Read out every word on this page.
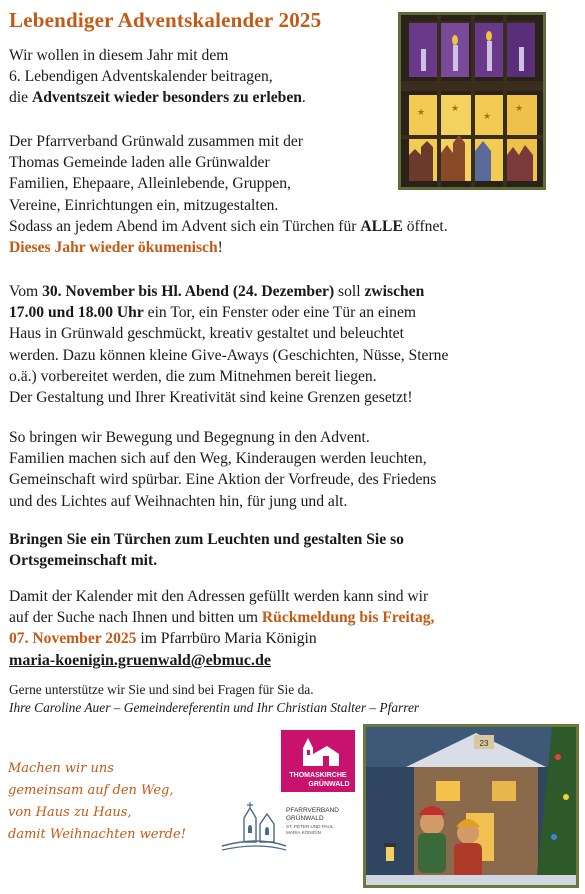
Lebendiger Adventskalender 2025
★	★
★
★
Wir wollen in diesem Jahr mit dem
6. Lebendigen Adventskalender beitragen,
die Adventszeit wieder besonders zu erleben.
Der Pfarrverband Grünwald zusammen mit der
Thomas Gemeinde laden alle Grünwalder
Familien, Ehepaare, Alleinlebende, Gruppen,
Vereine, Einrichtungen ein, mitzugestalten.
Sodass an jedem Abend im Advent sich ein Türchen für ALLE öffnet.
Dieses Jahr wieder ökumenisch!
Vom 30. November bis Hl. Abend (24. Dezember) soll zwischen
17.00 und 18.00 Uhr ein Tor, ein Fenster oder eine Tür an einem
Haus in Grünwald geschmückt, kreativ gestaltet und beleuchtet
werden. Dazu können kleine Give-Aways (Geschichten, Nüsse, Sterne
o.ä.) vorbereitet werden, die zum Mitnehmen bereit liegen.
Der Gestaltung und Ihrer Kreativität sind keine Grenzen gesetzt!
So bringen wir Bewegung und Begegnung in den Advent.
Familien machen sich auf den Weg, Kinderaugen werden leuchten,
Gemeinschaft wird spürbar. Eine Aktion der Vorfreude, des Friedens
und des Lichtes auf Weihnachten hin, für jung und alt.
Bringen Sie ein Türchen zum Leuchten und gestalten Sie so
Ortsgemeinschaft mit.
Damit der Kalender mit den Adressen gefüllt werden kann sind wir
auf der Suche nach Ihnen und bitten um Rückmeldung bis Freitag,
07. November 2025 im Pfarrbüro Maria Königin
maria-koenigin.gruenwald@ebmuc.de
Gerne unterstütze wir Sie und sind bei Fragen für Sie da.
Ihre Caroline Auer – Gemeindereferentin und Ihr Christian Stalter – Pfarrer
Machen wir uns
gemeinsam auf den Weg,
von Haus zu Haus,
damit Weihnachten werde!
THOMASKIRCHE
GRÜNWALD
PFARRVERBAND
GRÜNWALD
ST. PETER UND PAUL
MARIA KÖNIGIN
23
